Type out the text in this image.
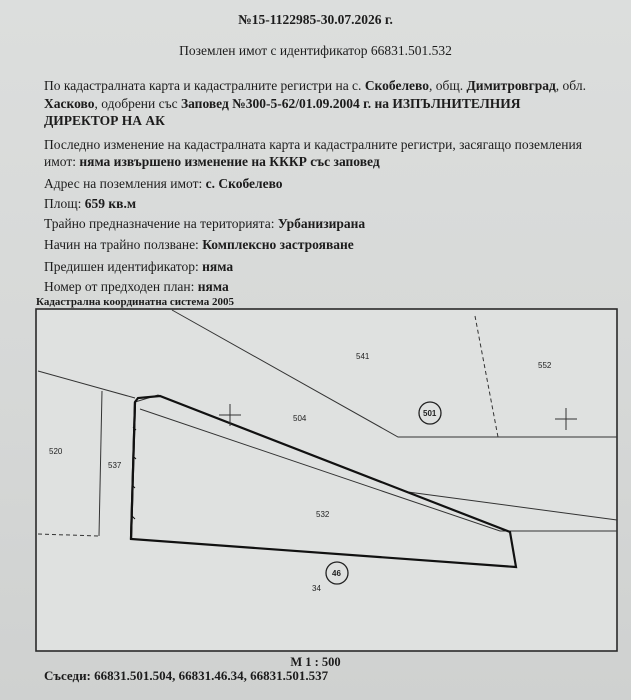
№15-1122985-30.07.2026 г.
Поземлен имот с идентификатор 66831.501.532
По кадастралната карта и кадастралните регистри на с. Скобелево, общ. Димитровград, обл.
Хасково, одобрени със Заповед №300-5-62/01.09.2004 г. на ИЗПЪЛНИТЕЛНИЯ
ДИРЕКТОР НА АК
Последно изменение на кадастралната карта и кадастралните регистри, засягащо поземления
имот: няма извършено изменение на КККР със заповед
Адрес на поземления имот: с. Скобелево
Площ: 659 кв.м
Трайно предназначение на територията: Урбанизирана
Начин на трайно ползване: Комплексно застрояване
Предишен идентификатор: няма
Номер от предходен план: няма
Кадастрална координатна система 2005
541
552
504
520
537
532
34
501
46
М 1 : 500
Съседи: 66831.501.504, 66831.46.34, 66831.501.537
